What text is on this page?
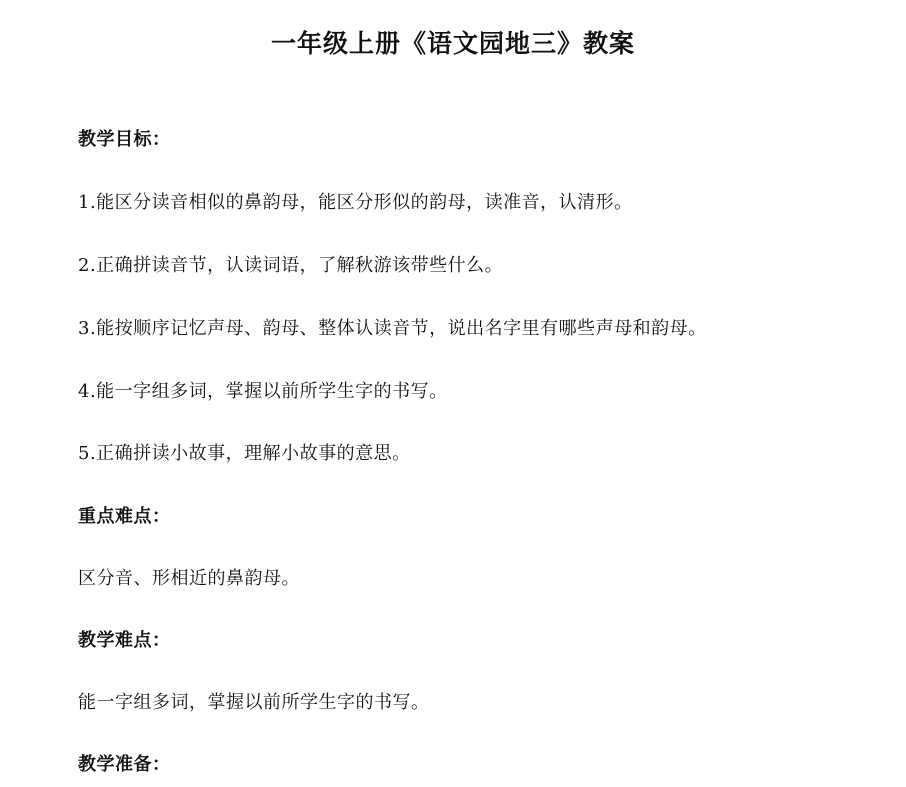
一年级上册《语文园地三》教案
教学目标：
1.能区分读音相似的鼻韵母，能区分形似的韵母，读准音，认清形。
2.正确拼读音节，认读词语，了解秋游该带些什么。
3.能按顺序记忆声母、韵母、整体认读音节，说出名字里有哪些声母和韵母。
4.能一字组多词，掌握以前所学生字的书写。
5.正确拼读小故事，理解小故事的意思。
重点难点：
区分音、形相近的鼻韵母。
教学难点：
能一字组多词，掌握以前所学生字的书写。
教学准备：
